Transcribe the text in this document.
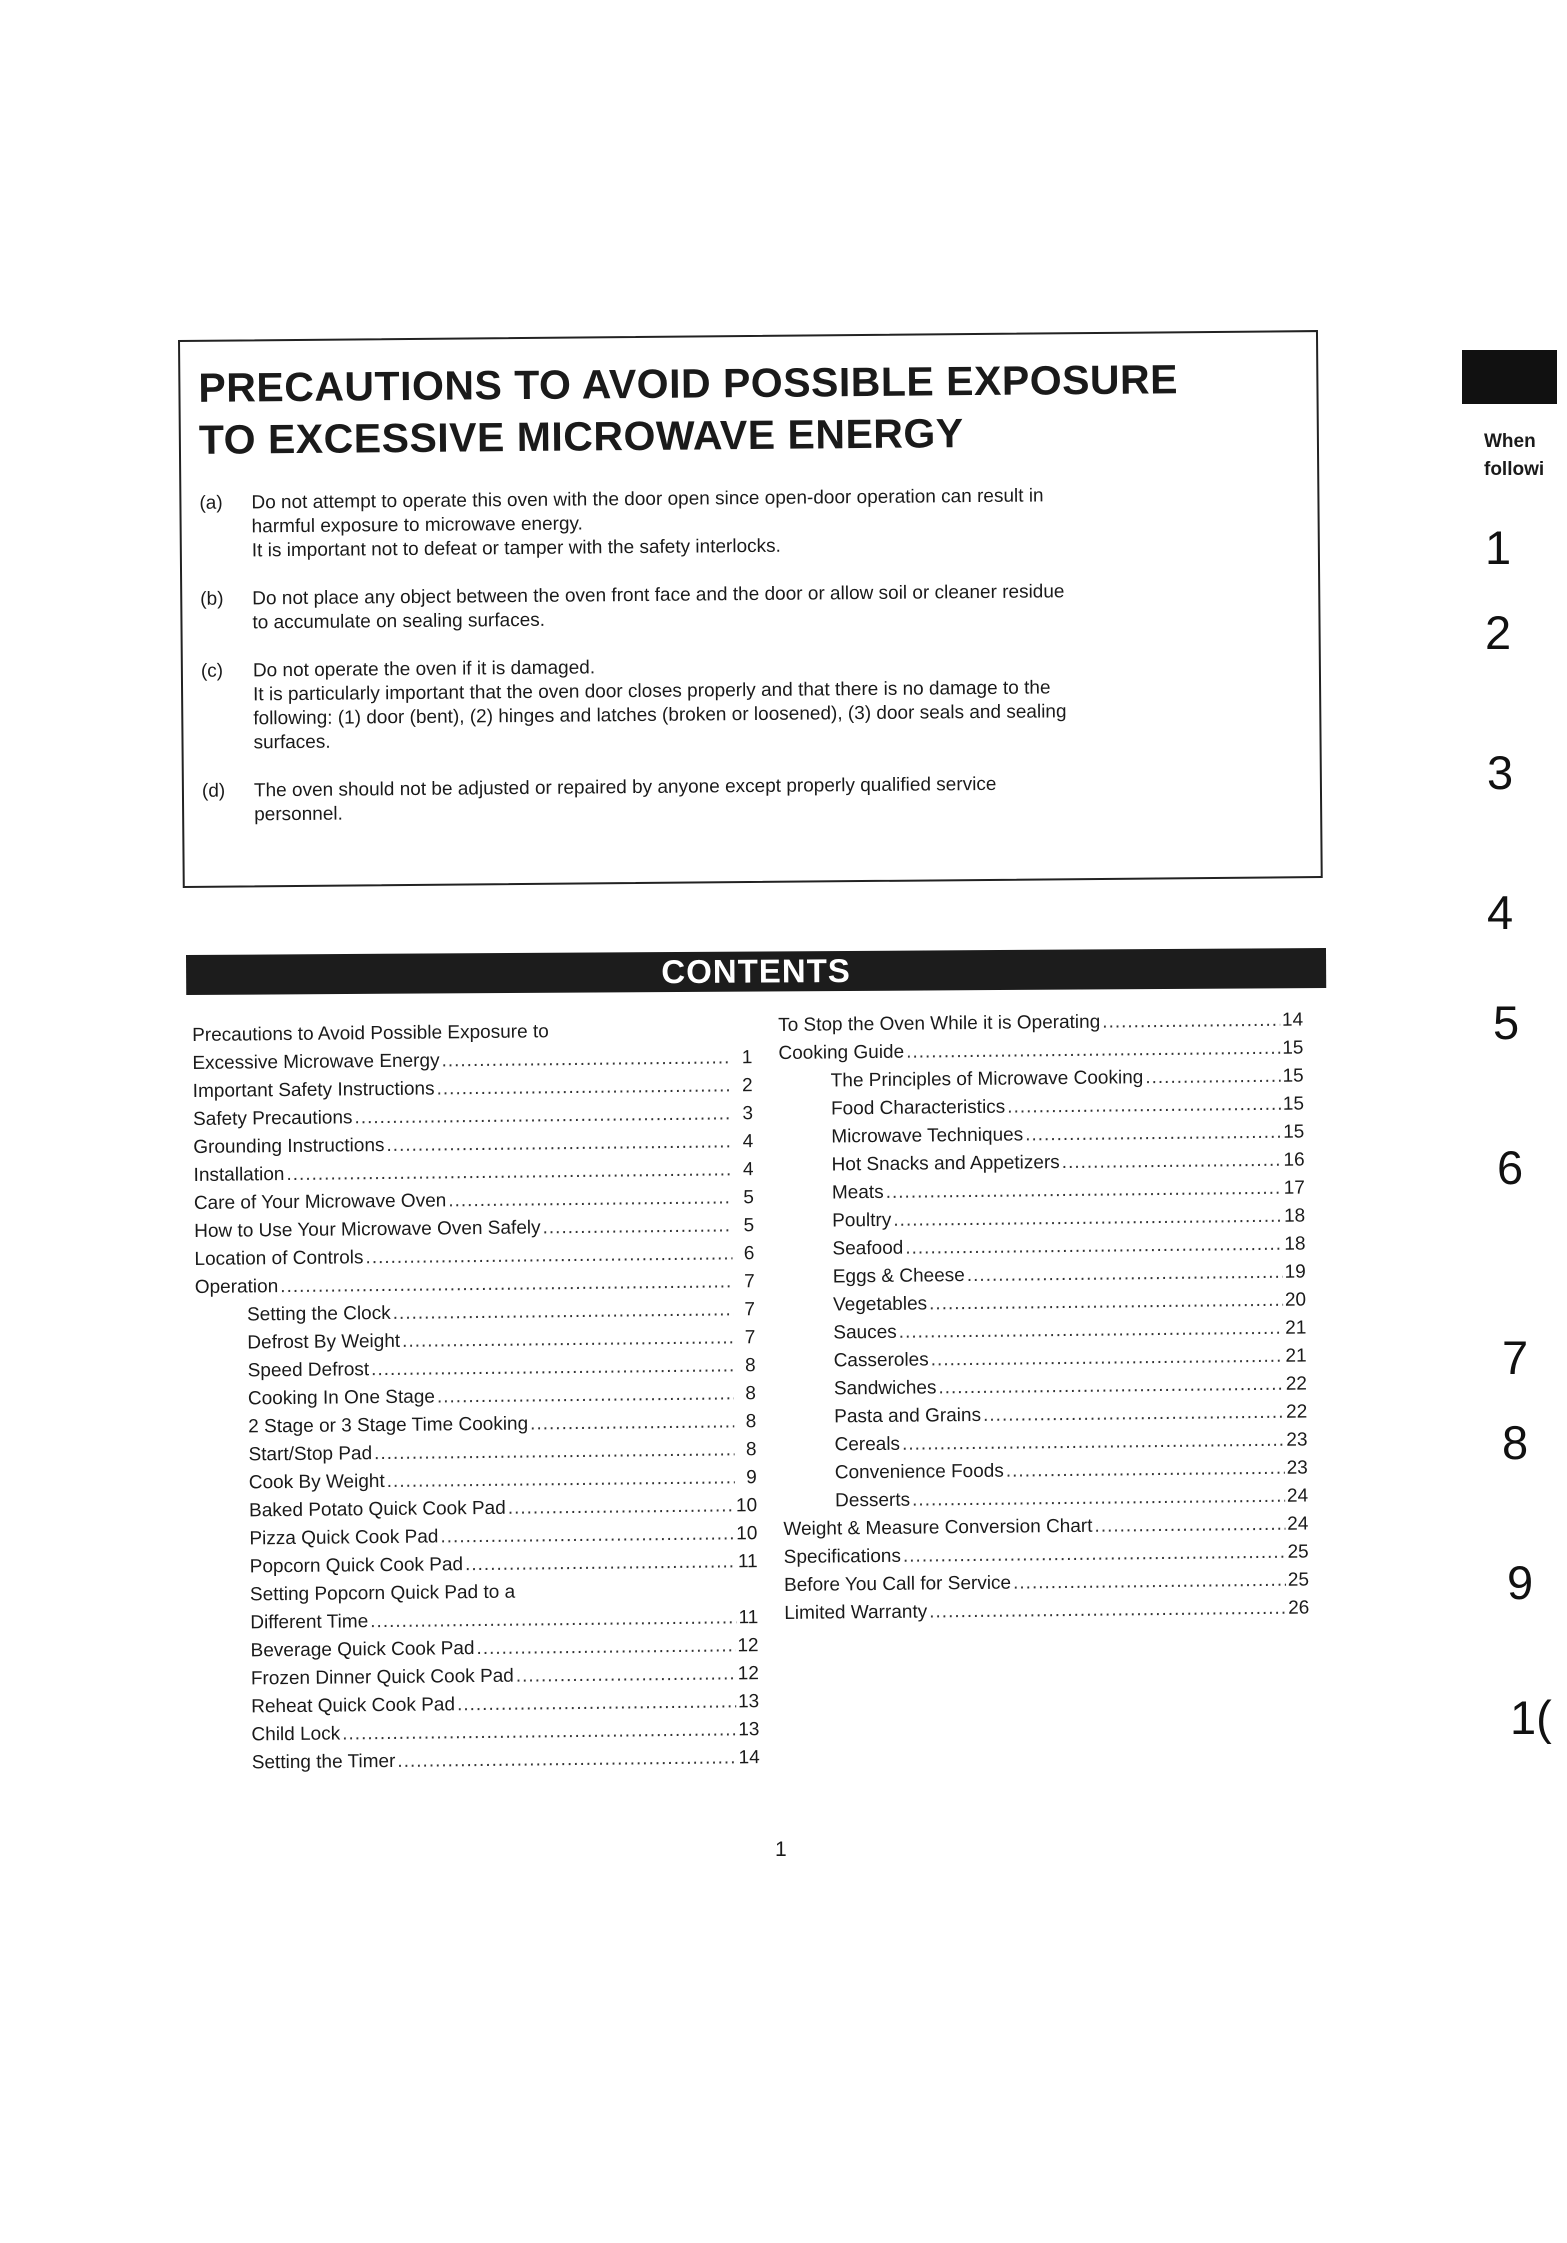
PRECAUTIONS TO AVOID POSSIBLE EXPOSURE
TO EXCESSIVE MICROWAVE ENERGY
(a)	Do not attempt to operate this oven with the door open since open-door operation can result in

harmful exposure to microwave energy.

It is important not to defeat or tamper with the safety interlocks.

(b)	Do not place any object between the oven front face and the door or allow soil or cleaner residue

to accumulate on sealing surfaces.

(c)	Do not operate the oven if it is damaged.

It is particularly important that the oven door closes properly and that there is no damage to the

following: (1) door (bent), (2) hinges and latches (broken or loosened), (3) door seals and sealing

surfaces.

(d)	The oven should not be adjusted or repaired by anyone except properly qualified service

personnel.

CONTENTS
Precautions to Avoid Possible Exposure to
Excessive Microwave Energy .....	1
Important Safety Instructions .....	2
Safety Precautions .....	3
Grounding Instructions .....	4
Installation .....	4
Care of Your Microwave Oven .....	5
How to Use Your Microwave Oven Safely .....	5
Location of Controls .....	6
Operation .....	7
Setting the Clock .....	7
Defrost By Weight .....	7
Speed Defrost .....	8
Cooking In One Stage .....	8
2 Stage or 3 Stage Time Cooking .....	8
Start/Stop Pad .....	8
Cook By Weight .....	9
Baked Potato Quick Cook Pad .....	10
Pizza Quick Cook Pad .....	10
Popcorn Quick Cook Pad .....	11
Setting Popcorn Quick Pad to a
Different Time .....	11
Beverage Quick Cook Pad .....	12
Frozen Dinner Quick Cook Pad .....	12
Reheat Quick Cook Pad .....	13
Child Lock .....	13
Setting the Timer .....	14
To Stop the Oven While it is Operating .....	14
Cooking Guide .....	15
The Principles of Microwave Cooking .....	15
Food Characteristics .....	15
Microwave Techniques .....	15
Hot Snacks and Appetizers .....	16
Meats .....	17
Poultry .....	18
Seafood .....	18
Eggs & Cheese .....	19
Vegetables .....	20
Sauces .....	21
Casseroles .....	21
Sandwiches .....	22
Pasta and Grains .....	22
Cereals .....	23
Convenience Foods .....	23
Desserts .....	24
Weight & Measure Conversion Chart .....	24
Specifications .....	25
Before You Call for Service .....	25
Limited Warranty .....	26
1
When
followi
1
2
3
4
5
6
7
8
9
1(
